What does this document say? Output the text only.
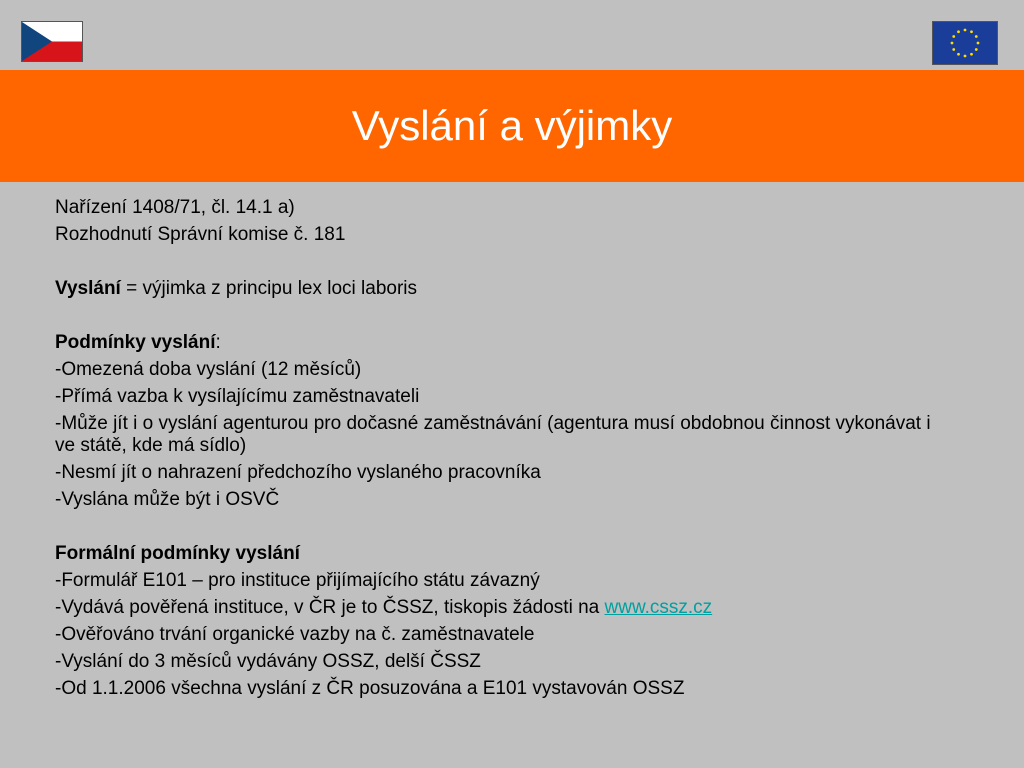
Vyslání a výjimky
Nařízení 1408/71, čl. 14.1 a)
Rozhodnutí Správní komise č. 181
Vyslání = výjimka z principu lex loci laboris
Podmínky vyslání:
-Omezená doba vyslání (12 měsíců)
-Přímá vazba k vysílajícímu zaměstnavateli
-Může jít i o vyslání agenturou pro dočasné zaměstnávání (agentura musí obdobnou činnost vykonávat i ve státě, kde má sídlo)
-Nesmí jít o nahrazení předchozího vyslaného pracovníka
-Vyslána může být i OSVČ
Formální podmínky vyslání
-Formulář E101 – pro instituce přijímajícího státu závazný
-Vydává pověřená instituce, v ČR je to ČSSZ, tiskopis žádosti na www.cssz.cz
-Ověřováno trvání organické vazby na č. zaměstnavatele
-Vyslání do 3 měsíců vydávány OSSZ, delší ČSSZ
-Od 1.1.2006 všechna vyslání z ČR posuzována a E101 vystavován OSSZ
